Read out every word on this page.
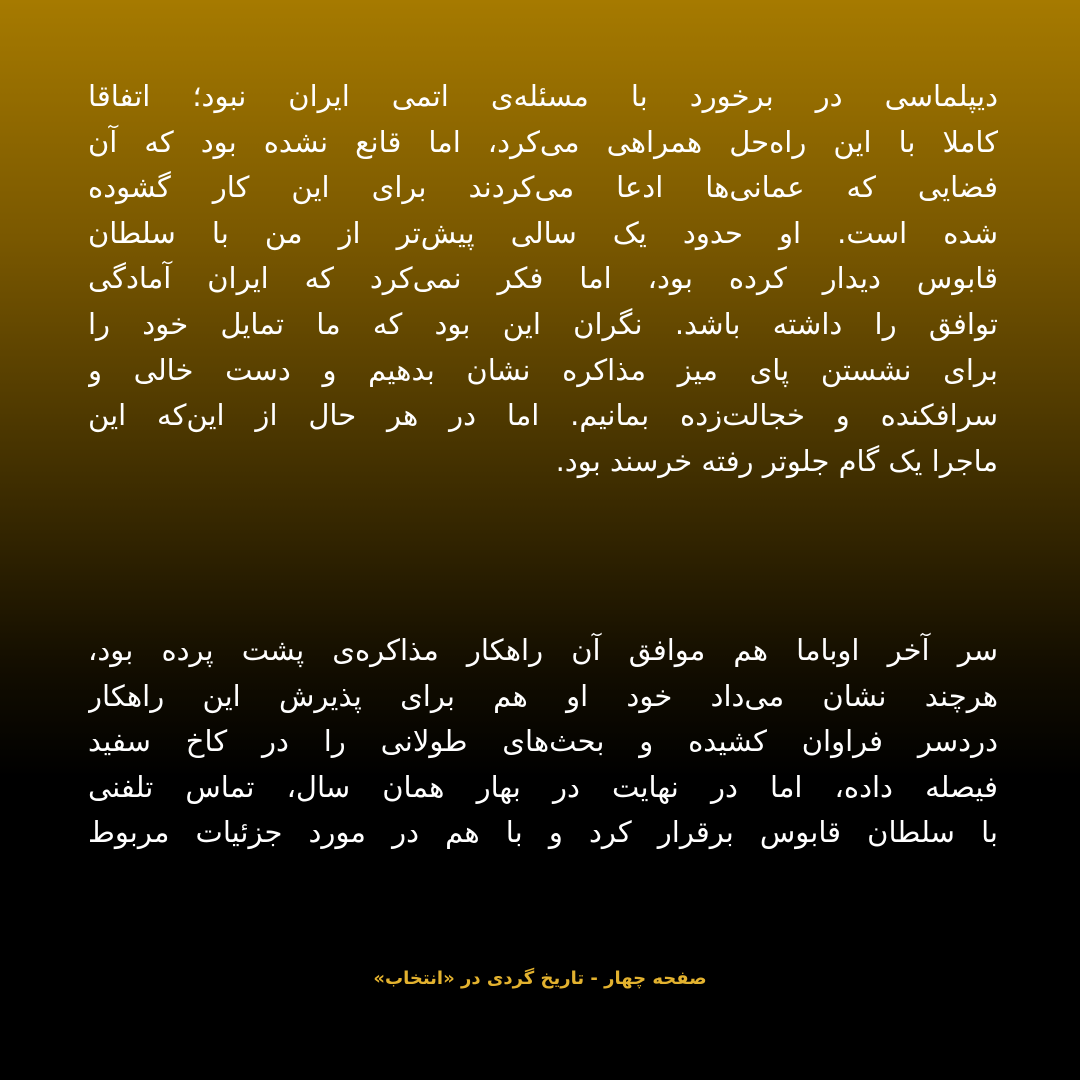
دیپلماسی در برخورد با مسئله‌ی اتمی ایران نبود؛ اتفاقا
کاملا با این راه‌حل همراهی می‌کرد، اما قانع نشده بود که آن
فضایی که عمانی‌ها ادعا می‌کردند برای این کار گشوده
شده است. او حدود یک سالی پیش‌تر از من با سلطان
قابوس دیدار کرده بود، اما فکر نمی‌کرد که ایران آمادگی
توافق را داشته باشد. نگران این بود که ما تمایل خود را
برای نشستن پای میز مذاکره نشان بدهیم و دست خالی و
سرافکنده و خجالت‌زده بمانیم. اما در هر حال از این‌که این
ماجرا یک گام جلوتر رفته خرسند بود.
سر آخر اوباما هم موافق آن راهکار مذاکره‌ی پشت پرده بود،
هرچند نشان می‌داد خود او هم برای پذیرش این راهکار
دردسر فراوان کشیده و بحث‌های طولانی را در کاخ سفید
فیصله داده، اما در نهایت در بهار همان سال، تماس تلفنی
با سلطان قابوس برقرار کرد و با هم در مورد جزئیات مربوط
صفحه چهار - تاریخ گردی در «انتخاب»
